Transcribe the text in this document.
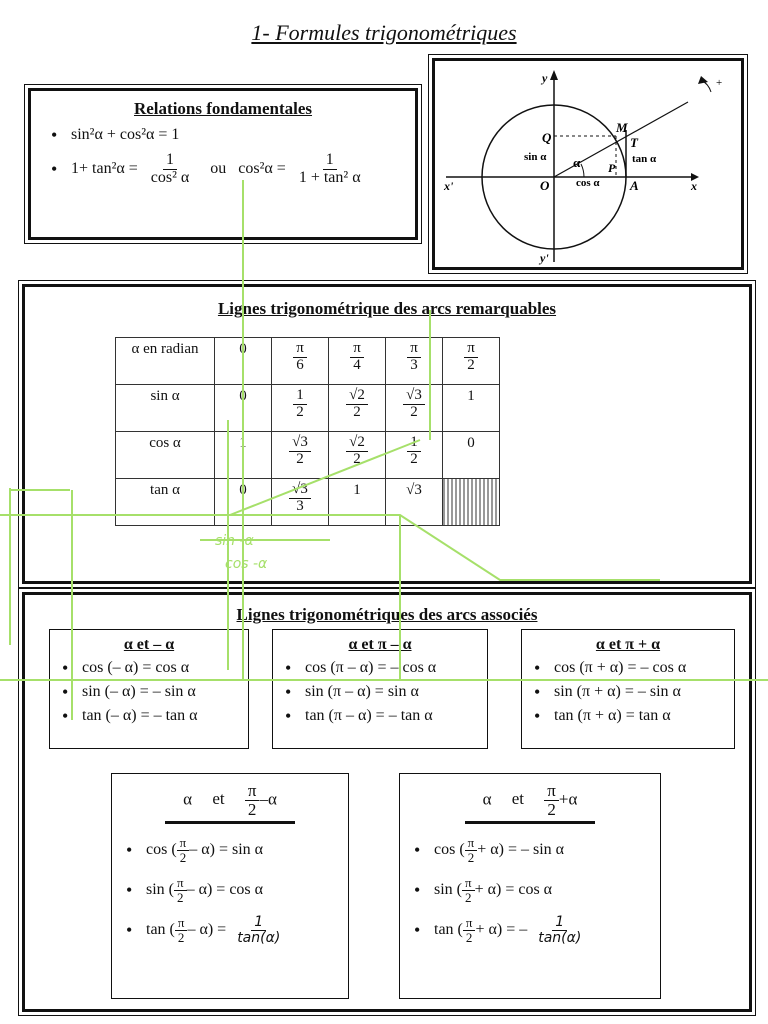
1- Formules trigonométriques
Relations fondamentales
• sin²α + cos²α = 1
• $1+ \tan^2\alpha = \frac{1}{\text{cos² α}}$ ou $\cos^2\alpha = \frac{1}{\text{1 + tan² α}}$
y
x
x'
y'
O	A
M
T
P
Q
α
sin α
cos α
tan α
+
Lignes trigonométrique des arcs remarquables
α en radian	0	$\frac{\pi}{6}$	$\frac{\pi}{4}$	$\frac{\pi}{3}$	$\frac{\pi}{2}$

sin α	0	$\frac{1}{2}$	$\frac{√2}{2}$	$\frac{√3}{2}$	1
cos α	1	$\frac{√3}{2}$	$\frac{√2}{2}$	$\frac{1}{2}$	0
tan α	0	$\frac{√3}{3}$	1	√3	
Lignes trigonométriques des arcs associés
α et – α
• cos (– α) = cos α
• sin (– α) = – sin α
• tan (– α) = – tan α
α et π – α
• cos (π – α) = – cos α
• sin (π – α) = sin α
• tan (π – α) = – tan α
α et π + α
• cos (π + α) = – cos α
• sin (π + α) = – sin α
• tan (π + α) = tan α
α et $\frac{\pi}{2} -\alpha$
• cos ( $\frac{\pi}{2} - \alpha) = \sin \alpha$
• sin ( $\frac{\pi}{2} - \alpha) = \cos \alpha$
• tan ( $\frac{\pi}{2} - \alpha) = \frac{1}{\tan(\alpha)}$
α et $\frac{\pi}{2} +\alpha$
• cos ( $\frac{\pi}{2} + \alpha$) = – sin α
• sin ( $\frac{\pi}{2} + \alpha) = \cos \alpha$
• tan ( $\frac{\pi}{2} + \alpha$) = – $\frac{1}{\tan(\alpha)}$
sin -α
cos -α
